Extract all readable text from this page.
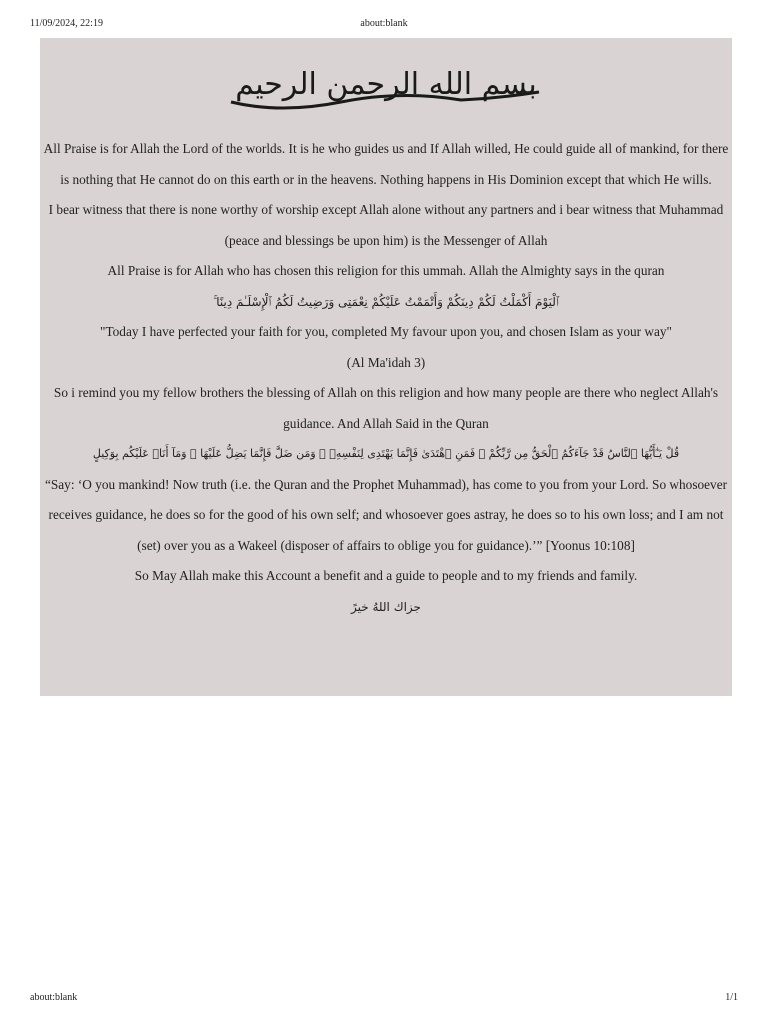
11/09/2024, 22:19	about:blank
بسم الله الرحمن الرحيم

All Praise is for Allah the Lord of the worlds. It is he who guides us and If Allah willed, He could guide all of mankind, for there is nothing that He cannot do on this earth or in the heavens. Nothing happens in His Dominion except that which He wills.

I bear witness that there is none worthy of worship except Allah alone without any partners and i bear witness that Muhammad (peace and blessings be upon him) is the Messenger of Allah

All Praise is for Allah who has chosen this religion for this ummah. Allah the Almighty says in the quran

ٱلْيَوْمَ أَكْمَلْتُ لَكُمْ دِينَكُمْ وَأَتْمَمْتُ عَلَيْكُمْ نِعْمَتِى وَرَضِيتُ لَكُمُ ٱلْإِسْلَـٰمَ دِينًا ۚ

"Today I have perfected your faith for you, completed My favour upon you, and chosen Islam as your way"

(Al Ma'idah 3)

So i remind you my fellow brothers the blessing of Allah on this religion and how many people are there who neglect Allah's guidance. And Allah Said in the Quran

قُلْ يَـٰٓأَيُّهَا ٱلنَّاسُ قَدْ جَآءَكُمُ ٱلْحَقُّ مِن رَّبِّكُمْ ۖ فَمَنِ ٱهْتَدَىٰ فَإِنَّمَا يَهْتَدِى لِنَفْسِهِۦ ۖ وَمَن ضَلَّ فَإِنَّمَا يَضِلُّ عَلَيْهَا ۖ وَمَآ أَنَا۠ عَلَيْكُم بِوَكِيلٍ

“Say: ‘O you mankind! Now truth (i.e. the Quran and the Prophet Muhammad), has come to you from your Lord. So whosoever receives guidance, he does so for the good of his own self; and whosoever goes astray, he does so to his own loss; and I am not (set) over you as a Wakeel (disposer of affairs to oblige you for guidance).’” [Yoonus 10:108]

So May Allah make this Account a benefit and a guide to people and to my friends and family.

جزاك اللهُ خيرً

about:blank	1/1
